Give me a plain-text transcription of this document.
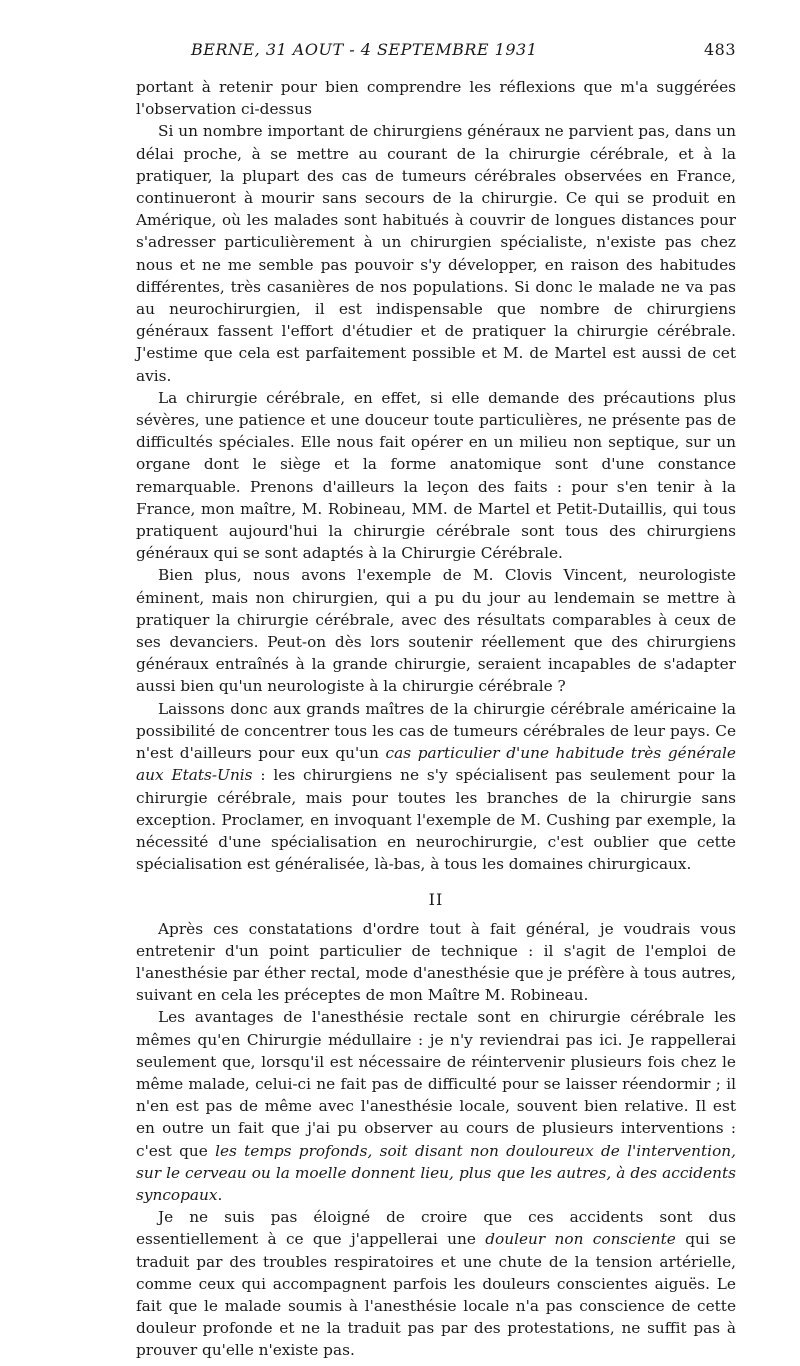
BERNE, 31 AOUT - 4 SEPTEMBRE 1931	483

portant à retenir pour bien comprendre les réflexions que m'a suggérées l'observation ci-dessus

Si un nombre important de chirurgiens généraux ne parvient pas, dans un délai proche, à se mettre au courant de la chirurgie cérébrale, et à la pratiquer, la plupart des cas de tumeurs cérébrales observées en France, continueront à mourir sans secours de la chirurgie. Ce qui se produit en Amérique, où les malades sont habitués à couvrir de longues distances pour s'adresser particulièrement à un chirurgien spécialiste, n'existe pas chez nous et ne me semble pas pouvoir s'y développer, en raison des habitudes différentes, très casanières de nos populations. Si donc le malade ne va pas au neurochirurgien, il est indispensable que nombre de chirurgiens généraux fassent l'effort d'étudier et de pratiquer la chirurgie cérébrale. J'estime que cela est parfaitement possible et M. de Martel est aussi de cet avis.

La chirurgie cérébrale, en effet, si elle demande des précautions plus sévères, une patience et une douceur toute particulières, ne présente pas de difficultés spéciales. Elle nous fait opérer en un milieu non septique, sur un organe dont le siège et la forme anatomique sont d'une constance remarquable. Prenons d'ailleurs la leçon des faits : pour s'en tenir à la France, mon maître, M. Robineau, MM. de Martel et Petit-Dutaillis, qui tous pratiquent aujourd'hui la chirurgie cérébrale sont tous des chirurgiens généraux qui se sont adaptés à la Chirurgie Cérébrale.

Bien plus, nous avons l'exemple de M. Clovis Vincent, neurologiste éminent, mais non chirurgien, qui a pu du jour au lendemain se mettre à pratiquer la chirurgie cérébrale, avec des résultats comparables à ceux de ses devanciers. Peut-on dès lors soutenir réellement que des chirurgiens généraux entraînés à la grande chirurgie, seraient incapables de s'adapter aussi bien qu'un neurologiste à la chirurgie cérébrale ?

Laissons donc aux grands maîtres de la chirurgie cérébrale américaine la possibilité de concentrer tous les cas de tumeurs cérébrales de leur pays. Ce n'est d'ailleurs pour eux qu'un cas particulier d'une habitude très générale aux Etats-Unis : les chirurgiens ne s'y spécialisent pas seulement pour la chirurgie cérébrale, mais pour toutes les branches de la chirurgie sans exception. Proclamer, en invoquant l'exemple de M. Cushing par exemple, la nécessité d'une spécialisation en neurochirurgie, c'est oublier que cette spécialisation est généralisée, là-bas, à tous les domaines chirurgicaux.

II

Après ces constatations d'ordre tout à fait général, je voudrais vous entretenir d'un point particulier de technique : il s'agit de l'emploi de l'anesthésie par éther rectal, mode d'anesthésie que je préfère à tous autres, suivant en cela les préceptes de mon Maître M. Robineau.

Les avantages de l'anesthésie rectale sont en chirurgie cérébrale les mêmes qu'en Chirurgie médullaire : je n'y reviendrai pas ici. Je rappellerai seulement que, lorsqu'il est nécessaire de réintervenir plusieurs fois chez le même malade, celui-ci ne fait pas de difficulté pour se laisser réendormir ; il n'en est pas de même avec l'anesthésie locale, souvent bien relative. Il est en outre un fait que j'ai pu observer au cours de plusieurs interventions : c'est que les temps profonds, soit disant non douloureux de l'intervention, sur le cerveau ou la moelle donnent lieu, plus que les autres, à des accidents syncopaux.

Je ne suis pas éloigné de croire que ces accidents sont dus essentiellement à ce que j'appellerai une douleur non consciente qui se traduit par des troubles respiratoires et une chute de la tension artérielle, comme ceux qui accompagnent parfois les douleurs conscientes aiguës. Le fait que le malade soumis à l'anesthésie locale n'a pas conscience de cette douleur profonde et ne la traduit pas par des protestations, ne suffit pas à prouver qu'elle n'existe pas.
